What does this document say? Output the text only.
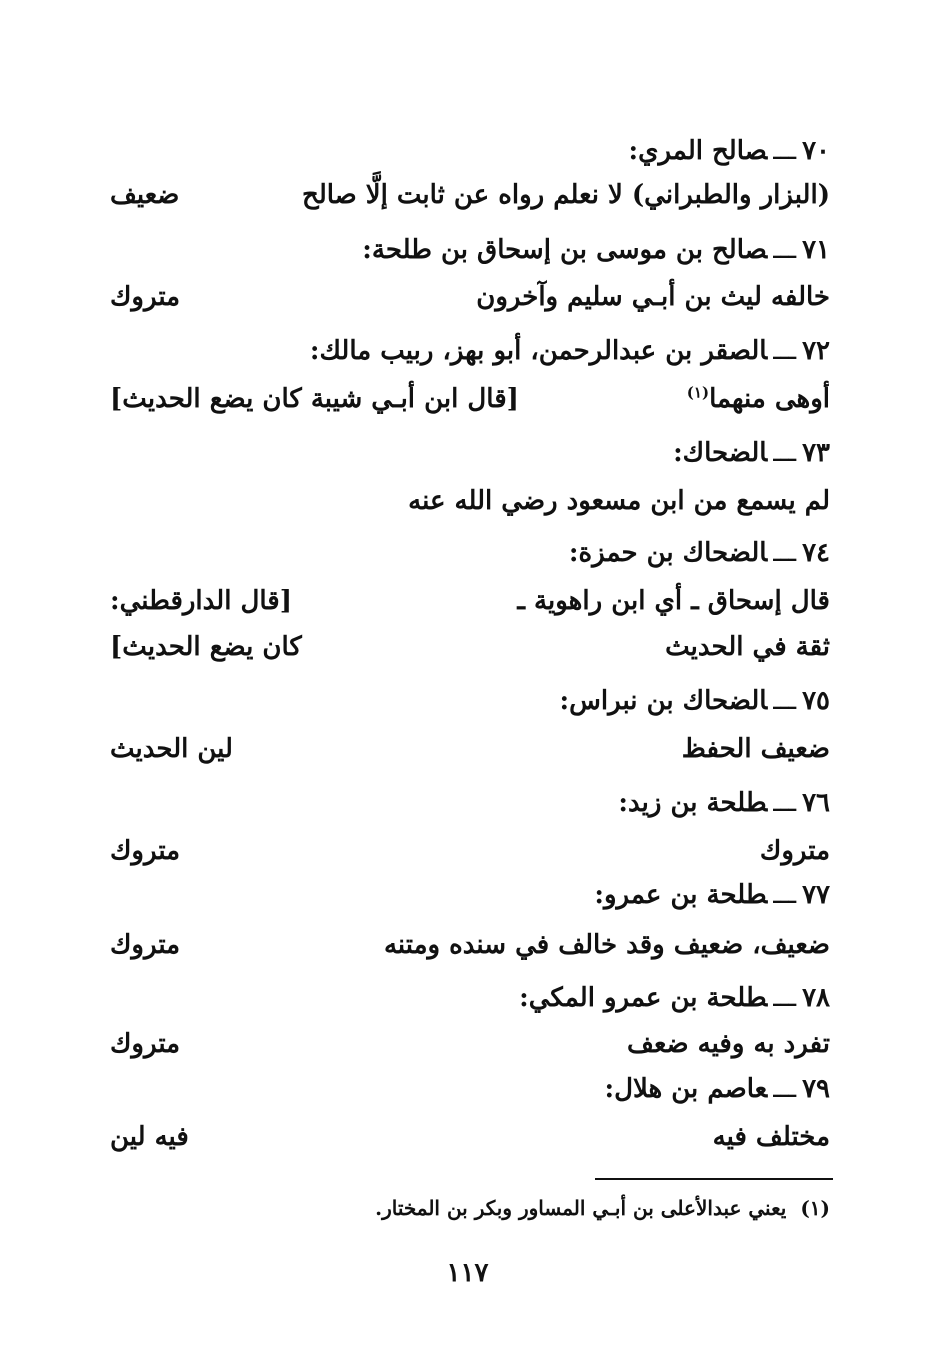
٧٠ـــصالح المري:
(البزار والطبراني) لا نعلم رواه عن ثابت إلَّا صالح
ضعيف
٧١ـــصالح بن موسى بن إسحاق بن طلحة:
خالفه ليث بن أبـي سليم وآخرون
متروك
٧٢ـــالصقر بن عبدالرحمن، أبو بهز، ربيب مالك:
أوهى منهما$^{(١)}$
[قال ابن أبـي شيبة كان يضع الحديث]
٧٣ـــالضحاك:
لم يسمع من ابن مسعود رضي الله عنه
٧٤ـــالضحاك بن حمزة:
قال إسحاق ـ أي ابن راهوية ـ
[قال الدارقطني:
ثقة في الحديث
كان يضع الحديث]
٧٥ـــالضحاك بن نبراس:
ضعيف الحفظ
لين الحديث
٧٦ـــطلحة بن زيد:
متروك
متروك
٧٧ـــطلحة بن عمرو:
ضعيف، ضعيف وقد خالف في سنده ومتنه
متروك
٧٨ـــطلحة بن عمرو المكي:
تفرد به وفيه ضعف
متروك
٧٩ـــعاصم بن هلال:
مختلف فيه
فيه لين
(١)يعني عبدالأعلى بن أبـي المساور وبكر بن المختار.
١١٧
